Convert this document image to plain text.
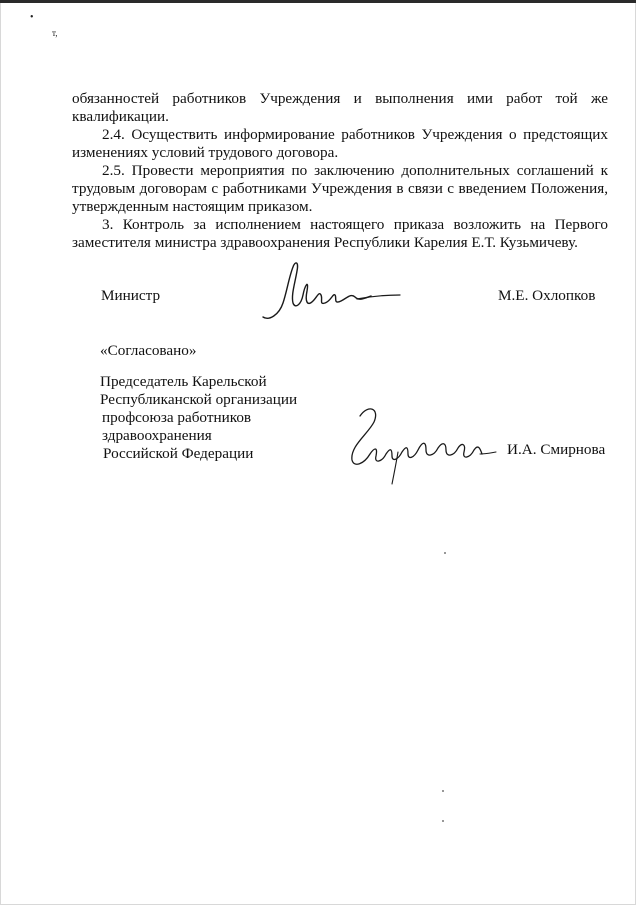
•
т,

обязанностей работников Учреждения и выполнения ими работ той же квалификации.

2.4. Осуществить информирование работников Учреждения о предстоящих изменениях условий трудового договора.

2.5. Провести мероприятия по заключению дополнительных соглашений к трудовым договорам с работниками Учреждения в связи с введением Положения, утвержденным настоящим приказом.

3. Контроль за исполнением настоящего приказа возложить на Первого заместителя министра здравоохранения Республики Карелия Е.Т. Кузьмичеву.

Министр	М.Е. Охлопков
«Согласовано»
Председатель Карельской
Республиканской организации
профсоюза работников
здравоохранения
Российской Федерации	И.А. Смирнова
